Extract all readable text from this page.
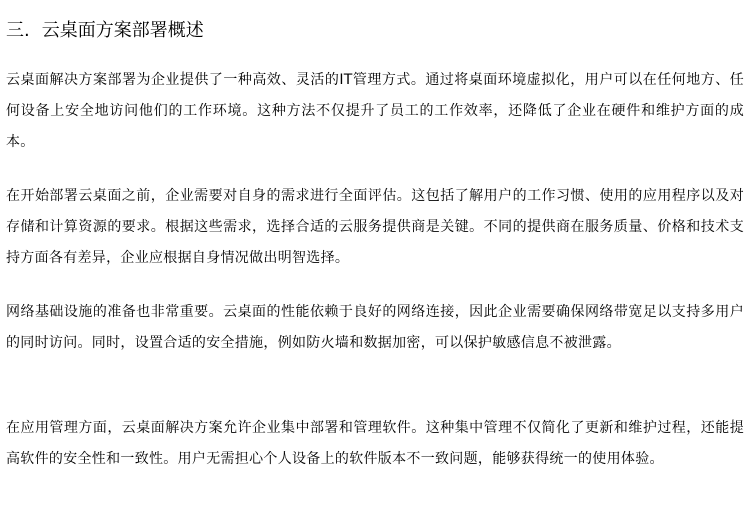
三. 云桌面方案部署概述

云桌面解决方案部署为企业提供了一种高效、灵活的IT管理方式。通过将桌面环境虚拟化，用户可以在任何地方、任何设备上安全地访问他们的工作环境。这种方法不仅提升了员工的工作效率，还降低了企业在硬件和维护方面的成本。

在开始部署云桌面之前，企业需要对自身的需求进行全面评估。这包括了解用户的工作习惯、使用的应用程序以及对存储和计算资源的要求。根据这些需求，选择合适的云服务提供商是关键。不同的提供商在服务质量、价格和技术支持方面各有差异，企业应根据自身情况做出明智选择。

网络基础设施的准备也非常重要。云桌面的性能依赖于良好的网络连接，因此企业需要确保网络带宽足以支持多用户的同时访问。同时，设置合适的安全措施，例如防火墙和数据加密，可以保护敏感信息不被泄露。

在应用管理方面，云桌面解决方案允许企业集中部署和管理软件。这种集中管理不仅简化了更新和维护过程，还能提高软件的安全性和一致性。用户无需担心个人设备上的软件版本不一致问题，能够获得统一的使用体验。
